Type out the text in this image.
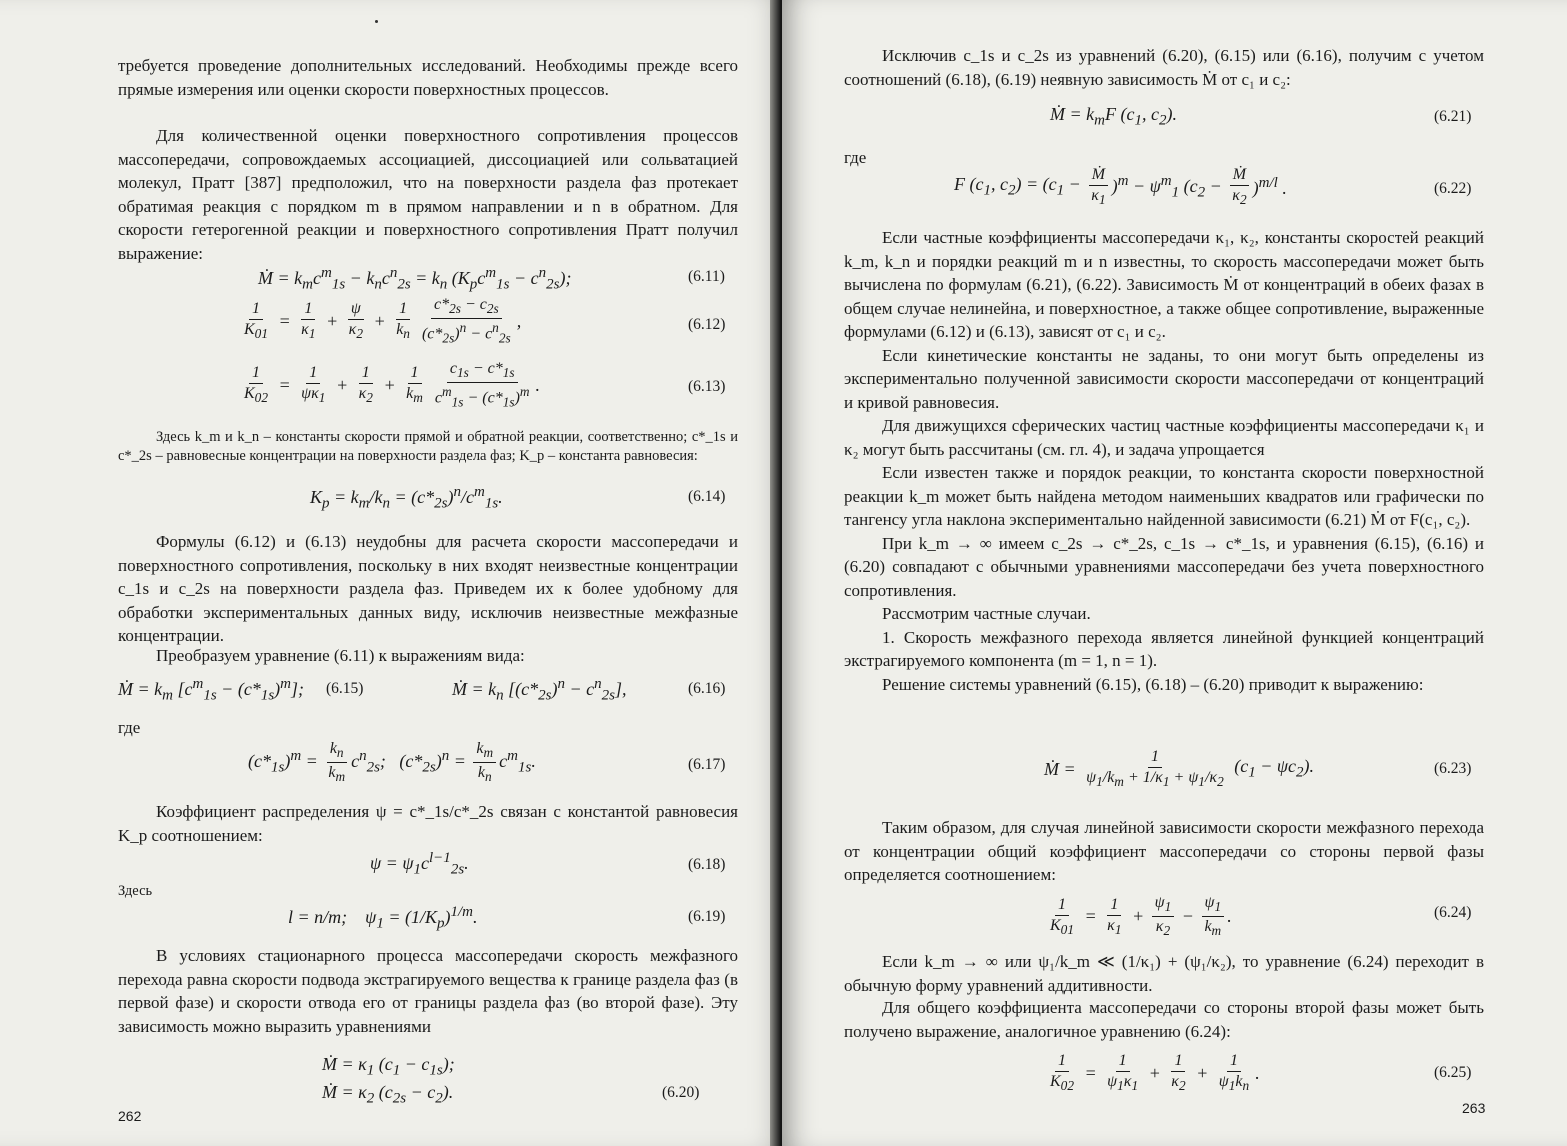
требуется проведение дополнительных исследований. Необходимы прежде всего прямые измерения или оценки скорости поверхностных процессов.

Для количественной оценки поверхностного сопротивления процессов массопередачи, сопровождаемых ассоциацией, диссоциацией или сольватацией молекул, Пратт [387] предположил, что на поверхности раздела фаз протекает обратимая реакция с порядком m в прямом направлении и n в обратном. Для скорости гетерогенной реакции и поверхностного сопротивления Пратт получил выражение:

Ṁ = $k_mc^m_{1s} - k_nc^n_{2s} = k_n$ $(K_pc^m_{1s} - c^n_{2s})$;	(6.11)
$\frac{1}{K_{01}} = \frac{1}{\kappa_1} + \frac{\psi}{\kappa_2} + \frac{1}{k_n} \frac{c*_{2s} - c_{2s}}{(c*_{2s})^n - c^n_{2s}}$ ,	(6.12)
$\frac{1}{K_{02}} = \frac{1}{\psi\kappa_1} + \frac{1}{\kappa_2} + \frac{1}{k_m} \frac{c_{1s} - c*_{1s}}{c^m_{1s} - (c*_{1s})^m}$ .	(6.13)

Здесь k_m и k_n – константы скорости прямой и обратной реакции, соответственно; c*_1s и c*_2s – равновесные концентрации на поверхности раздела фаз; K_p – константа равновесия:

$K_p = k_m/k_n = (c*_{2s})^n/c^m_{1s}$.	(6.14)

Формулы (6.12) и (6.13) неудобны для расчета скорости массопередачи и поверхностного сопротивления, поскольку в них входят неизвестные концентрации c_1s и c_2s на поверхности раздела фаз. Приведем их к более удобному для обработки экспериментальных данных виду, исключив неизвестные межфазные концентрации.

Преобразуем уравнение (6.11) к выражениям вида:

Ṁ = $k_m$ $[c^m_{1s} - (c*_{1s})^m]$; (6.15)	Ṁ = $k_n$ $[(c*_{2s})^n - c^n_{2s}]$,	(6.16)

где

$(c*_{1s})^m = \frac{k_n}{k_m} c^n_{2s}$;   $(c*_{2s})^n = \frac{k_m}{k_n} c^m_{1s}$.	(6.17)

Коэффициент распределения ψ = c*_1s/c*_2s связан с константой равновесия K_p соотношением:

$\psi = \psi_1c^{l-1}_{2s}$.	(6.18)

Здесь

l = n/m;    $\psi_1 = (1/K_p)^{1/m}$.	(6.19)

В условиях стационарного процесса массопередачи скорость межфазного перехода равна скорости подвода экстрагируемого вещества к границе раздела фаз (в первой фазе) и скорости отвода его от границы раздела фаз (во второй фазе). Эту зависимость можно выразить уравнениями

Ṁ = $\kappa_1$ $(c_1 - c_{1s})$;
Ṁ = $\kappa_2$ $(c_{2s} - c_2)$.	(6.20)
262

Исключив c_1s и c_2s из уравнений (6.20), (6.15) или (6.16), получим с учетом соотношений (6.18), (6.19) неявную зависимость Ṁ от c₁ и c₂:

Ṁ = $k_mF$ ($c_1$, $c_2$).	(6.21)

где

F ($c_1$, $c_2) = (c_1 - \frac{\text{Ṁ}}{\kappa_1} )^m - \psi^m_1$ $(c_2 - \frac{\text{Ṁ}}{\kappa_2} )^{m/l}$ .	(6.22)

Если частные коэффициенты массопередачи κ₁, κ₂, константы скоростей реакций k_m, k_n и порядки реакций m и n известны, то скорость массопередачи может быть вычислена по формулам (6.21), (6.22). Зависимость Ṁ от концентраций в обеих фазах в общем случае нелинейна, и поверхностное, а также общее сопротивление, выраженные формулами (6.12) и (6.13), зависят от c₁ и c₂.

Если кинетические константы не заданы, то они могут быть определены из экспериментально полученной зависимости скорости массопередачи от концентраций и кривой равновесия.

Для движущихся сферических частиц частные коэффициенты массопередачи κ₁ и κ₂ могут быть рассчитаны (см. гл. 4), и задача упрощается

Если известен также и порядок реакции, то константа скорости поверхностной реакции k_m может быть найдена методом наименьших квадратов или графически по тангенсу угла наклона экспериментально найденной зависимости (6.21) Ṁ от F(c₁, c₂).

При k_m → ∞ имеем c_2s → c*_2s, c_1s → c*_1s, и уравнения (6.15), (6.16) и (6.20) совпадают с обычными уравнениями массопередачи без учета поверхностного сопротивления.

Рассмотрим частные случаи.

1. Скорость межфазного перехода является линейной функцией концентраций экстрагируемого компонента (m = 1, n = 1).

Решение системы уравнений (6.15), (6.18) – (6.20) приводит к выражению:

Ṁ = $\frac{1}{\psi_1/k_m + 1/\kappa_1 + \psi_1/\kappa_2} (c_1 - \psi c_2)$.	(6.23)

Таким образом, для случая линейной зависимости скорости межфазного перехода от концентрации общий коэффициент массопередачи со стороны первой фазы определяется соотношением:

$\frac{1}{K_{01}} = \frac{1}{\kappa_1} + \frac{\psi_1}{\kappa_2} - \frac{\psi_1}{k_m}$ .	(6.24)

Если k_m → ∞ или ψ₁/k_m ≪ (1/κ₁) + (ψ₁/κ₂), то уравнение (6.24) переходит в обычную форму уравнений аддитивности.

Для общего коэффициента массопередачи со стороны второй фазы может быть получено выражение, аналогичное уравнению (6.24):

$\frac{1}{K_{02}} = \frac{1}{\psi_1\kappa_1} + \frac{1}{\kappa_2} + \frac{1}{\psi_1k_n}$ .	(6.25)
263
